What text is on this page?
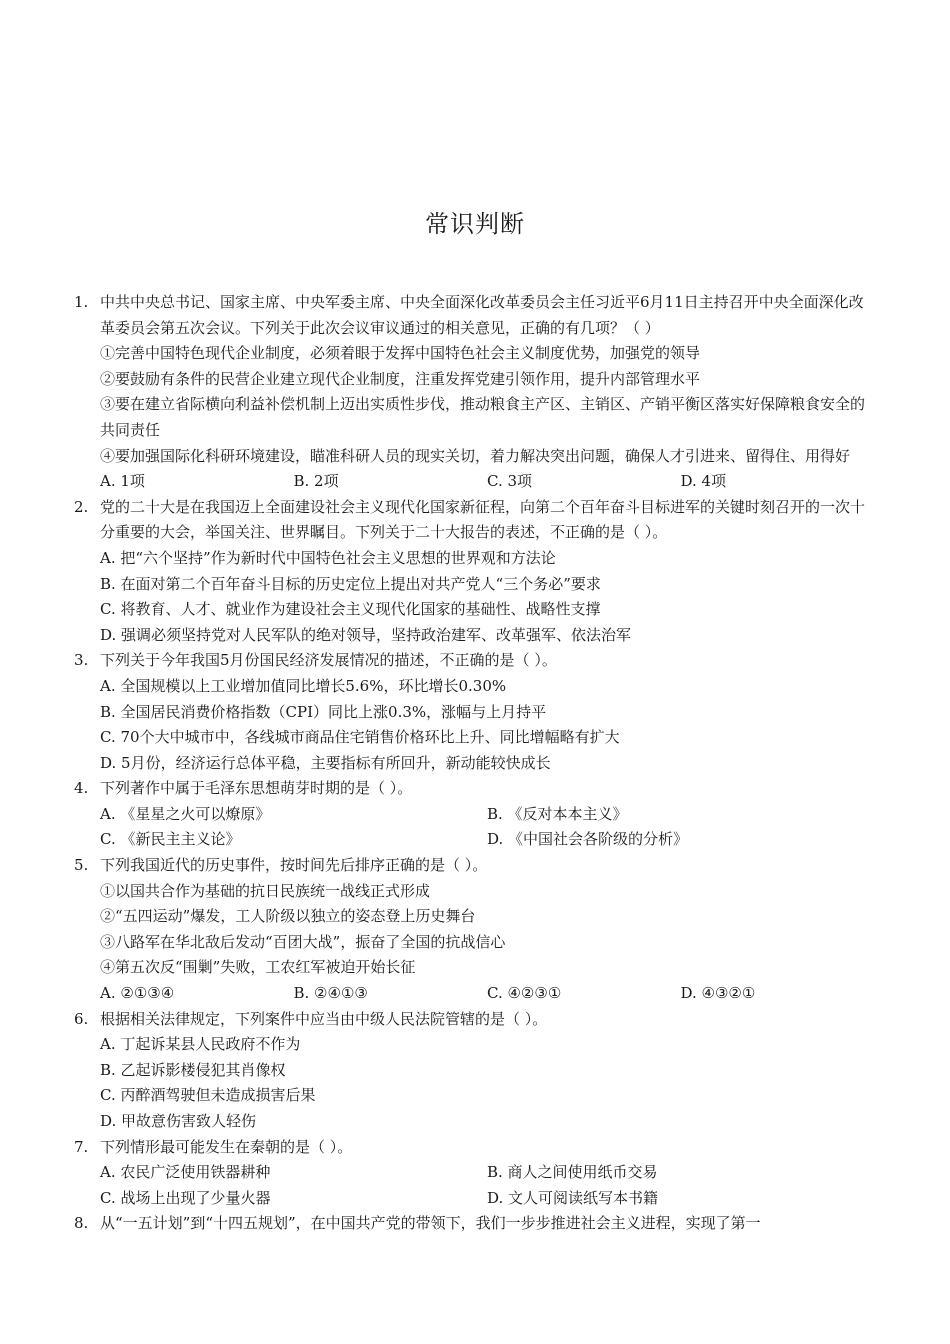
常识判断
1. 中共中央总书记、国家主席、中央军委主席、中央全面深化改革委员会主任习近平6月11日主持召开中央全面深化改革委员会第五次会议。下列关于此次会议审议通过的相关意见，正确的有几项？（ ）
①完善中国特色现代企业制度，必须着眼于发挥中国特色社会主义制度优势，加强党的领导
②要鼓励有条件的民营企业建立现代企业制度，注重发挥党建引领作用，提升内部管理水平
③要在建立省际横向利益补偿机制上迈出实质性步伐，推动粮食主产区、主销区、产销平衡区落实好保障粮食安全的共同责任
④要加强国际化科研环境建设，瞄准科研人员的现实关切，着力解决突出问题，确保人才引进来、留得住、用得好
A. 1项	B. 2项	C. 3项	D. 4项
2. 党的二十大是在我国迈上全面建设社会主义现代化国家新征程，向第二个百年奋斗目标进军的关键时刻召开的一次十分重要的大会，举国关注、世界瞩目。下列关于二十大报告的表述，不正确的是（ ）。
A. 把“六个坚持”作为新时代中国特色社会主义思想的世界观和方法论
B. 在面对第二个百年奋斗目标的历史定位上提出对共产党人“三个务必”要求
C. 将教育、人才、就业作为建设社会主义现代化国家的基础性、战略性支撑
D. 强调必须坚持党对人民军队的绝对领导，坚持政治建军、改革强军、依法治军
3. 下列关于今年我国5月份国民经济发展情况的描述，不正确的是（ ）。
A. 全国规模以上工业增加值同比增长5.6%，环比增长0.30%
B. 全国居民消费价格指数（CPI）同比上涨0.3%，涨幅与上月持平
C. 70个大中城市中，各线城市商品住宅销售价格环比上升、同比增幅略有扩大
D. 5月份，经济运行总体平稳，主要指标有所回升，新动能较快成长
4. 下列著作中属于毛泽东思想萌芽时期的是（ ）。
A. 《星星之火可以燎原》	B. 《反对本本主义》
C. 《新民主主义论》	D. 《中国社会各阶级的分析》
5. 下列我国近代的历史事件，按时间先后排序正确的是（ ）。
①以国共合作为基础的抗日民族统一战线正式形成
②“五四运动”爆发，工人阶级以独立的姿态登上历史舞台
③八路军在华北敌后发动“百团大战”，振奋了全国的抗战信心
④第五次反“围剿”失败，工农红军被迫开始长征
A. ②①③④	B. ②④①③	C. ④②③①	D. ④③②①
6. 根据相关法律规定，下列案件中应当由中级人民法院管辖的是（ ）。
A. 丁起诉某县人民政府不作为
B. 乙起诉影楼侵犯其肖像权
C. 丙醉酒驾驶但未造成损害后果
D. 甲故意伤害致人轻伤
7. 下列情形最可能发生在秦朝的是（ ）。
A. 农民广泛使用铁器耕种	B. 商人之间使用纸币交易
C. 战场上出现了少量火器	D. 文人可阅读纸写本书籍
8. 从“一五计划”到“十四五规划”，在中国共产党的带领下，我们一步步推进社会主义进程，实现了第一
